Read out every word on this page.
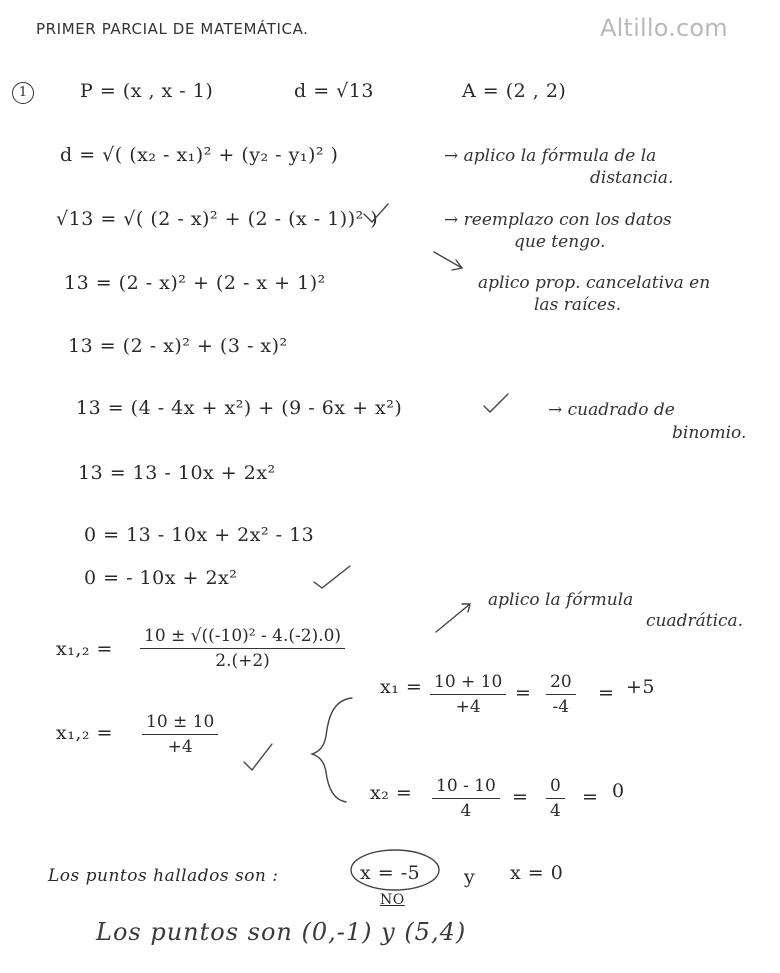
Altillo.com
PRIMER PARCIAL DE MATEMÁTICA.
1	P = (x , x - 1)	d = √13	A = (2 , 2)
d = √( (x₂ - x₁)² + (y₂ - y₁)² )
√13 = √( (2 - x)² + (2 - (x - 1))² )
13 = (2 - x)² + (2 - x + 1)²
13 = (2 - x)² + (3 - x)²
13 = (4 - 4x + x²) + (9 - 6x + x²)
13 = 13 - 10x + 2x²
0 = 13 - 10x + 2x² - 13
0 = - 10x + 2x²
→ aplico la fórmula de la
distancia.
→ reemplazo con los datos
que tengo.
aplico prop. cancelativa en
las raíces.
→ cuadrado de
binomio.
aplico la fórmula
cuadrática.
$x_1,_2 = \frac{\text{10 ± √((-10)² - 4.(-2).0)}}{2.(+2)}$
$x_1,_2 = \frac{10 \pm 10}{+4}$
$x_1 = \frac{10 + 10}{+4} = \frac{20}{-4} = +5$
$x_2 = \frac{10 - 10}{4} = \frac{0}{4} = 0$
Los puntos hallados son :	x = -5 y x = 0
NO
Los puntos son (0,-1) y (5,4)
